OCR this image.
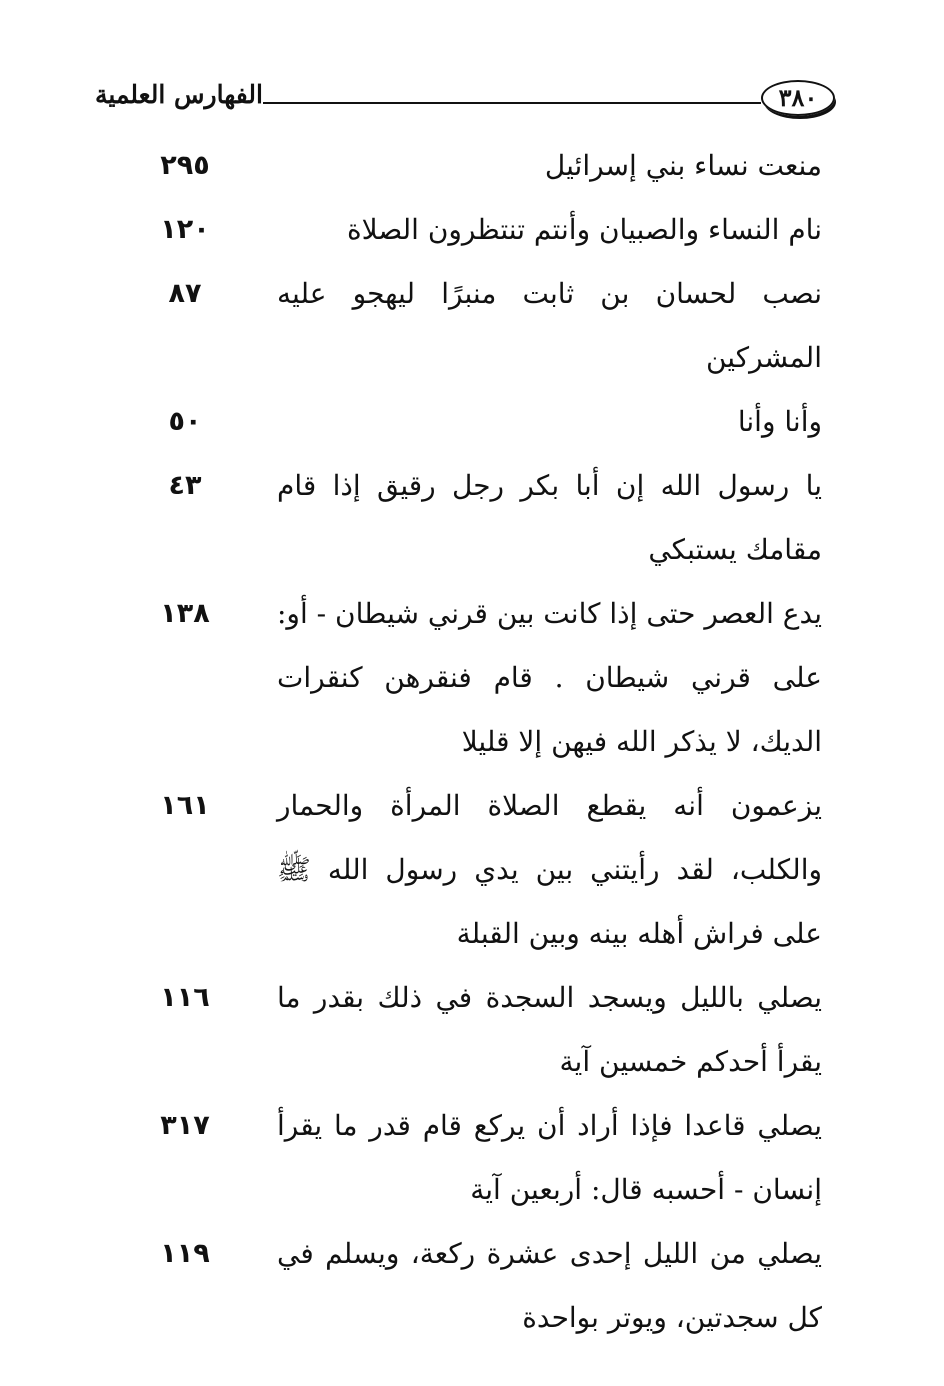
الفهارس العلمية	٣٨٠
٢٩٥	منعت نساء بني إسرائيل
١٢٠	نام النساء والصبيان وأنتم تنتظرون الصلاة
٨٧	نصب لحسان بن ثابت منبرًا ليهجو عليه المشركين
٥٠	وأنا وأنا
٤٣	يا رسول الله إن أبا بكر رجل رقيق إذا قام مقامك يستبكي
١٣٨	يدع العصر حتى إذا كانت بين قرني شيطان - أو: على قرني شيطان . قام فنقرهن كنقرات الديك، لا يذكر الله فيهن إلا قليلا
١٦١	يزعمون أنه يقطع الصلاة المرأة والحمار والكلب، لقد رأيتني بين يدي رسول الله ﷺ على فراش أهله بينه وبين القبلة
١١٦	يصلي بالليل ويسجد السجدة في ذلك بقدر ما يقرأ أحدكم خمسين آية
٣١٧	يصلي قاعدا فإذا أراد أن يركع قام قدر ما يقرأ إنسان - أحسبه قال: أربعين آية
١١٩	يصلي من الليل إحدى عشرة ركعة، ويسلم في كل سجدتين، ويوتر بواحدة
